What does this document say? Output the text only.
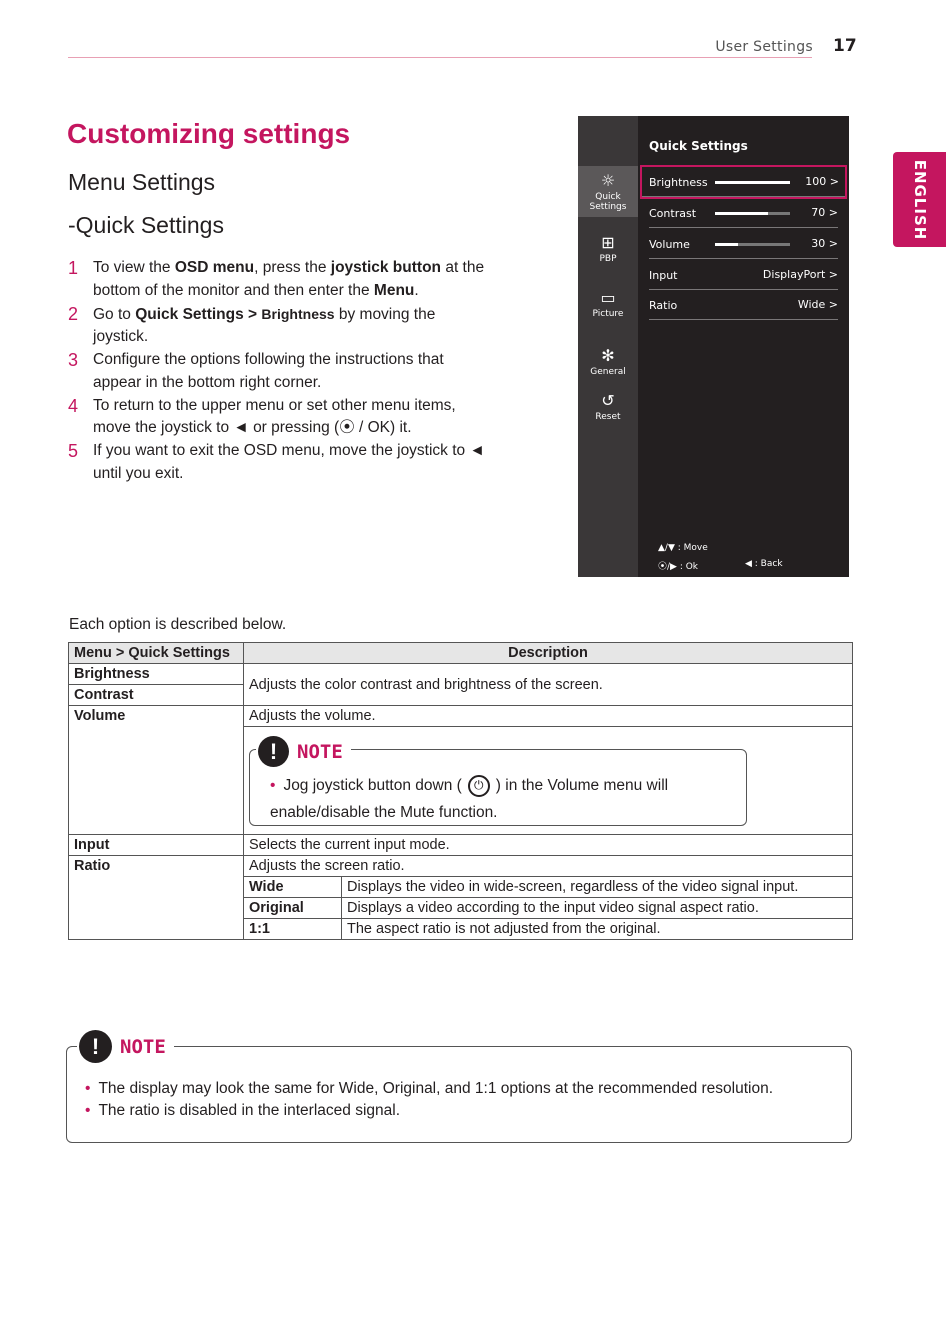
User Settings 17
ENGLISH
Customizing settings
Menu Settings
-Quick Settings
1 To view the OSD menu, press the joystick button at the bottom of the monitor and then enter the Menu.
2 Go to Quick Settings > Brightness by moving the joystick.
3 Configure the options following the instructions that appear in the bottom right corner.
4 To return to the upper menu or set other menu items, move the joystick to ◄ or pressing (⦿ / OK) it.
5 If you want to exit the OSD menu, move the joystick to ◄ until you exit.
☼
Quick Settings
⊞
PBP
▭
Picture
✻
General
↺
Reset
Quick Settings
Brightness	100 >
Contrast	70 >
Volume	30 >
Input	DisplayPort >
Ratio	Wide >
▲/▼ : Move
⦿/▶ : Ok	◀ : Back
Each option is described below.
Menu > Quick Settings	Description	
Brightness	Adjusts the color contrast and brightness of the screen.	
Contrast		
Volume	Adjusts the volume.	

	! NOTE
• Jog joystick button down ( ⏻ ) in the Volume menu will enable/disable the Mute function.	

Input	Selects the current input mode.	
Ratio	Adjusts the screen ratio.	
	Wide	Displays the video in wide-screen, regardless of the video signal input.
	Original	Displays a video according to the input video signal aspect ratio.
	1:1	The aspect ratio is not adjusted from the original.
!	NOTE
• The display may look the same for Wide, Original, and 1:1 options at the recommended resolution.
• The ratio is disabled in the interlaced signal.
